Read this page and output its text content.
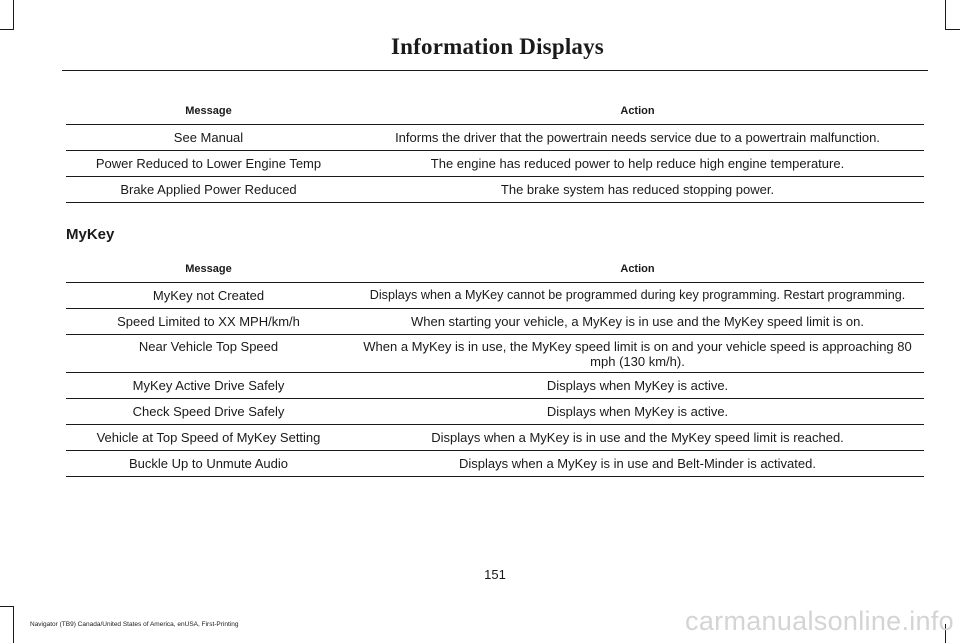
Information Displays
Message	Action
See Manual	Informs the driver that the powertrain needs service due to a powertrain malfunction.
Power Reduced to Lower Engine Temp	The engine has reduced power to help reduce high engine temperature.
Brake Applied Power Reduced	The brake system has reduced stopping power.
MyKey
Message	Action
MyKey not Created	Displays when a MyKey cannot be programmed during key programming. Restart programming.
Speed Limited to XX MPH/km/h	When starting your vehicle, a MyKey is in use and the MyKey speed limit is on.
Near Vehicle Top Speed	When a MyKey is in use, the MyKey speed limit is on and your vehicle speed is approaching 80 mph (130 km/h).
MyKey Active Drive Safely	Displays when MyKey is active.
Check Speed Drive Safely	Displays when MyKey is active.
Vehicle at Top Speed of MyKey Setting	Displays when a MyKey is in use and the MyKey speed limit is reached.
Buckle Up to Unmute Audio	Displays when a MyKey is in use and Belt-Minder is activated.
151
Navigator (TB9) Canada/United States of America, enUSA, First-Printing	carmanualsonline.info
